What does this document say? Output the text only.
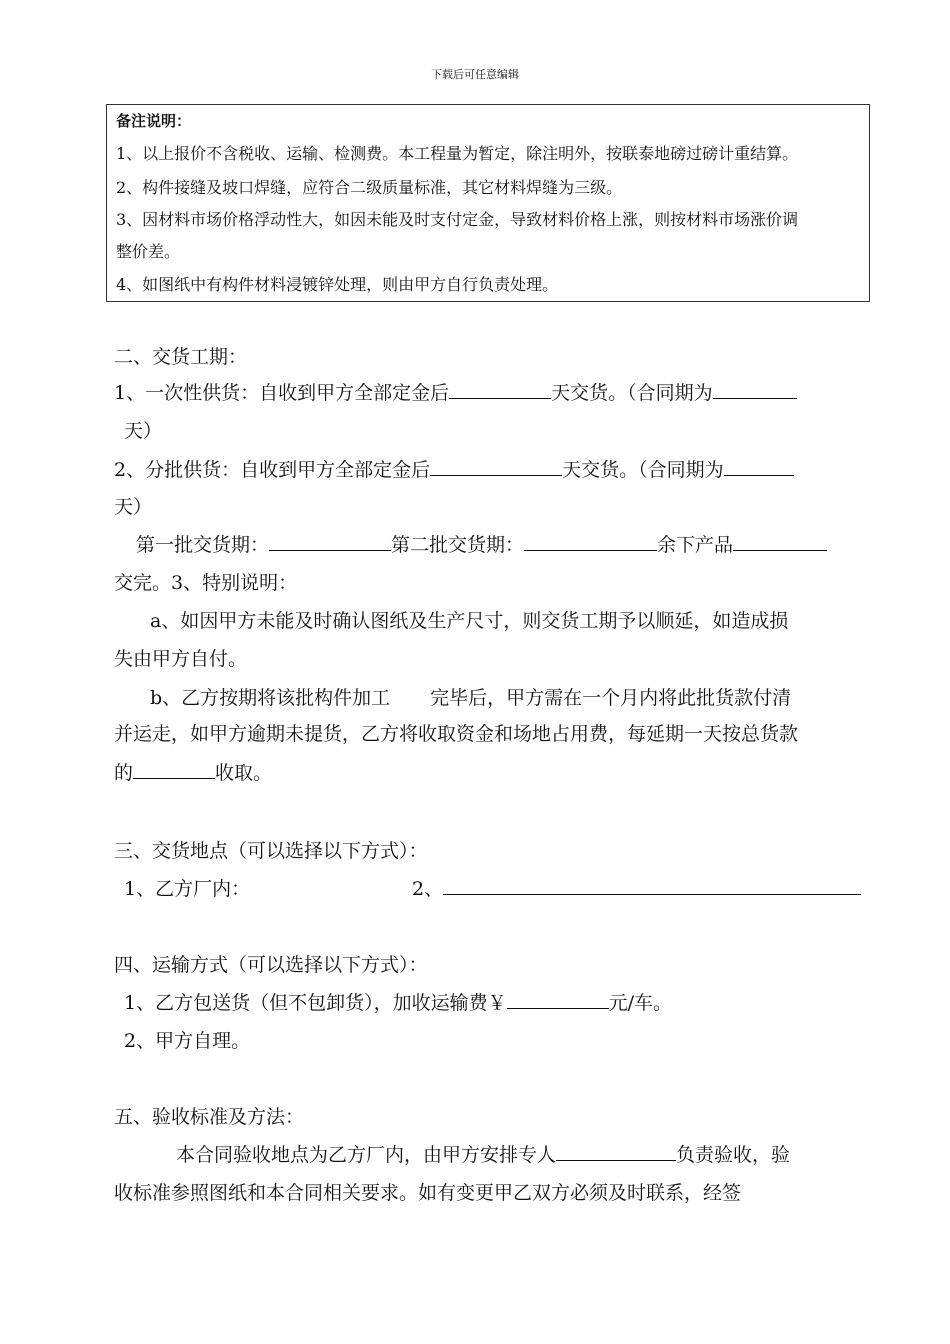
下载后可任意编辑
备注说明：
1、以上报价不含税收、运输、检测费。本工程量为暂定，除注明外，按联泰地磅过磅计重结算。
2、构件接缝及坡口焊缝，应符合二级质量标准，其它材料焊缝为三级。
3、因材料市场价格浮动性大，如因未能及时支付定金，导致材料价格上涨，则按材料市场涨价调
整价差。
4、如图纸中有构件材料浸镀锌处理，则由甲方自行负责处理。
二、交货工期：
1、一次性供货：自收到甲方全部定金后	天交货。（合同期为
天）
2、分批供货：自收到甲方全部定金后	天交货。（合同期为
天）
第一批交货期：	第二批交货期：	余下产品
交完。3、特别说明：
a、如因甲方未能及时确认图纸及生产尺寸，则交货工期予以顺延，如造成损
失由甲方自付。
b、乙方按期将该批构件加工 完毕后，甲方需在一个月内将此批货款付清
并运走，如甲方逾期未提货，乙方将收取资金和场地占用费，每延期一天按总货款
的	收取。
三、交货地点（可以选择以下方式）：
1、乙方厂内：	2、
四、运输方式（可以选择以下方式）：
1、乙方包送货（但不包卸货），加收运输费￥	元/车。
2、甲方自理。
五、验收标准及方法：
本合同验收地点为乙方厂内，由甲方安排专人	负责验收，验
收标准参照图纸和本合同相关要求。如有变更甲乙双方必须及时联系，经签
